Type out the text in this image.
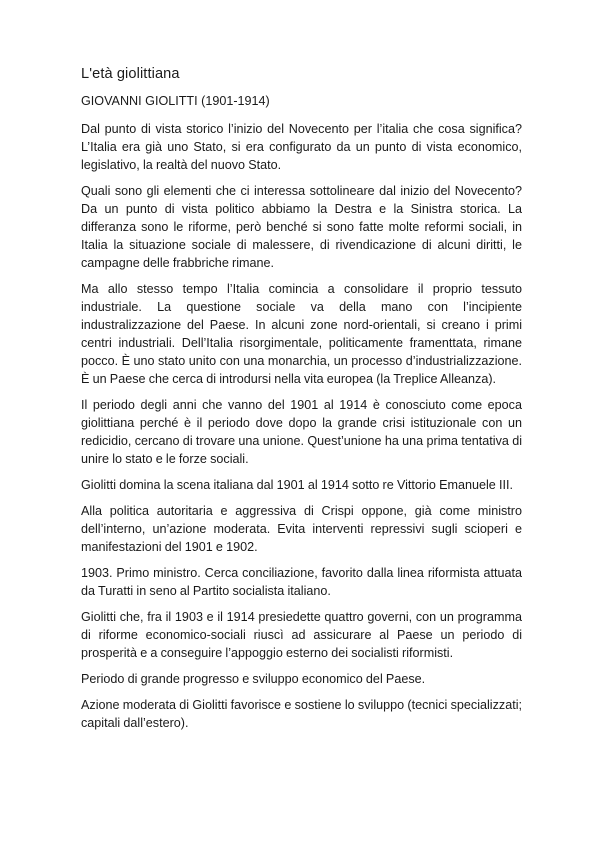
L'età giolittiana
GIOVANNI GIOLITTI (1901-1914)

Dal punto di vista storico l’inizio del Novecento per l’italia che cosa significa? L’Italia era già uno Stato, si era configurato da un punto di vista economico, legislativo, la realtà del nuovo Stato.

Quali sono gli elementi che ci interessa sottolineare dal inizio del Novecento? Da un punto di vista politico abbiamo la Destra e la Sinistra storica. La differanza sono le riforme, però benché si sono fatte molte reformi sociali, in Italia la situazione sociale di malessere, di rivendicazione di alcuni diritti, le campagne delle frabbriche rimane.

Ma allo stesso tempo l’Italia comincia a consolidare il proprio tessuto industriale. La questione sociale va della mano con l’incipiente industralizzazione del Paese. In alcuni zone nord-orientali, si creano i primi centri industriali. Dell’Italia risorgimentale, politicamente framenttata, rimane pocco. È uno stato unito con una monarchia, un processo d’industrializzazione. È un Paese che cerca di introdursi nella vita europea (la Treplice Alleanza).

Il periodo degli anni che vanno del 1901 al 1914 è conosciuto come epoca giolittiana perché è il periodo dove dopo la grande crisi istituzionale con un redicidio, cercano di trovare una unione. Quest’unione ha una prima tentativa di unire lo stato e le forze sociali.

Giolitti domina la scena italiana dal 1901 al 1914 sotto re Vittorio Emanuele III.

Alla politica autoritaria e aggressiva di Crispi oppone, già come ministro dell’interno, un’azione moderata. Evita interventi repressivi sugli scioperi e manifestazioni del 1901 e 1902.

1903. Primo ministro. Cerca conciliazione, favorito dalla linea riformista attuata da Turatti in seno al Partito socialista italiano.

Giolitti che, fra il 1903 e il 1914 presiedette quattro governi, con un programma di riforme economico-sociali riuscì ad assicurare al Paese un periodo di prosperità e a conseguire l’appoggio esterno dei socialisti riformisti.

Periodo di grande progresso e sviluppo economico del Paese.

Azione moderata di Giolitti favorisce e sostiene lo sviluppo (tecnici specializzati; capitali dall’estero).
